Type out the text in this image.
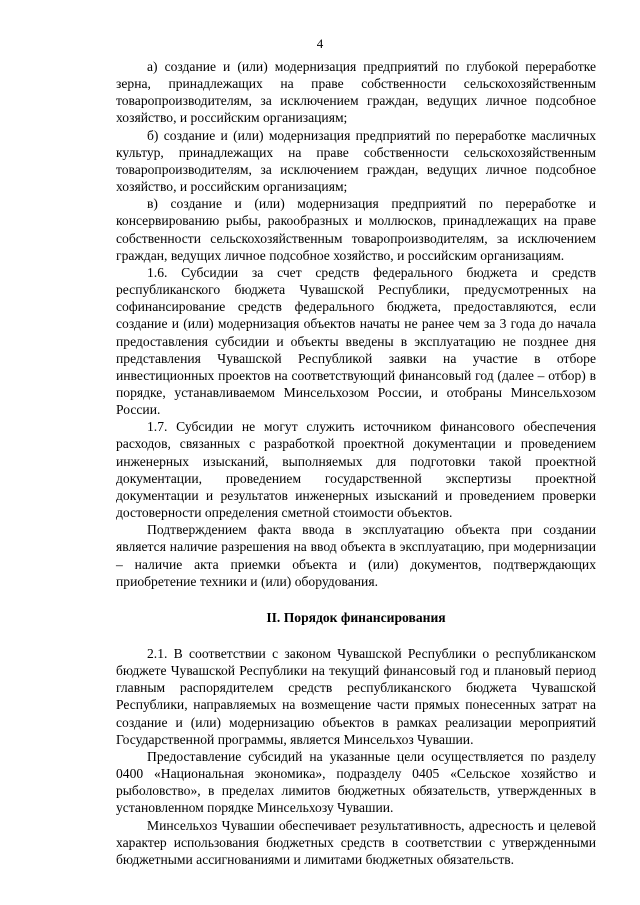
4

а) создание и (или) модернизация предприятий по глубокой переработке зерна, принадлежащих на праве собственности сельскохозяйственным товаропроизводителям, за исключением граждан, ведущих личное подсобное хозяйство, и российским организациям;

б) создание и (или) модернизация предприятий по переработке масличных культур, принадлежащих на праве собственности сельскохозяйственным товаропроизводителям, за исключением граждан, ведущих личное подсобное хозяйство, и российским организациям;

в) создание и (или) модернизация предприятий по переработке и консервированию рыбы, ракообразных и моллюсков, принадлежащих на праве собственности сельскохозяйственным товаропроизводителям, за исключением граждан, ведущих личное подсобное хозяйство, и российским организациям.

1.6. Субсидии за счет средств федерального бюджета и средств республиканского бюджета Чувашской Республики, предусмотренных на софинансирование средств федерального бюджета, предоставляются, если создание и (или) модернизация объектов начаты не ранее чем за 3 года до начала предоставления субсидии и объекты введены в эксплуатацию не позднее дня представления Чувашской Республикой заявки на участие в отборе инвестиционных проектов на соответствующий финансовый год (далее – отбор) в порядке, устанавливаемом Минсельхозом России, и отобраны Минсельхозом России.

1.7. Субсидии не могут служить источником финансового обеспечения расходов, связанных с разработкой проектной документации и проведением инженерных изысканий, выполняемых для подготовки такой проектной документации, проведением государственной экспертизы проектной документации и результатов инженерных изысканий и проведением проверки достоверности определения сметной стоимости объектов.

Подтверждением факта ввода в эксплуатацию объекта при создании является наличие разрешения на ввод объекта в эксплуатацию, при модернизации – наличие акта приемки объекта и (или) документов, подтверждающих приобретение техники и (или) оборудования.

II. Порядок финансирования

2.1. В соответствии с законом Чувашской Республики о республиканском бюджете Чувашской Республики на текущий финансовый год и плановый период главным распорядителем средств республиканского бюджета Чувашской Республики, направляемых на возмещение части прямых понесенных затрат на создание и (или) модернизацию объектов в рамках реализации мероприятий Государственной программы, является Минсельхоз Чувашии.

Предоставление субсидий на указанные цели осуществляется по разделу 0400 «Национальная экономика», подразделу 0405 «Сельское хозяйство и рыболовство», в пределах лимитов бюджетных обязательств, утвержденных в установленном порядке Минсельхозу Чувашии.

Минсельхоз Чувашии обеспечивает результативность, адресность и целевой характер использования бюджетных средств в соответствии с утвержденными бюджетными ассигнованиями и лимитами бюджетных обязательств.
